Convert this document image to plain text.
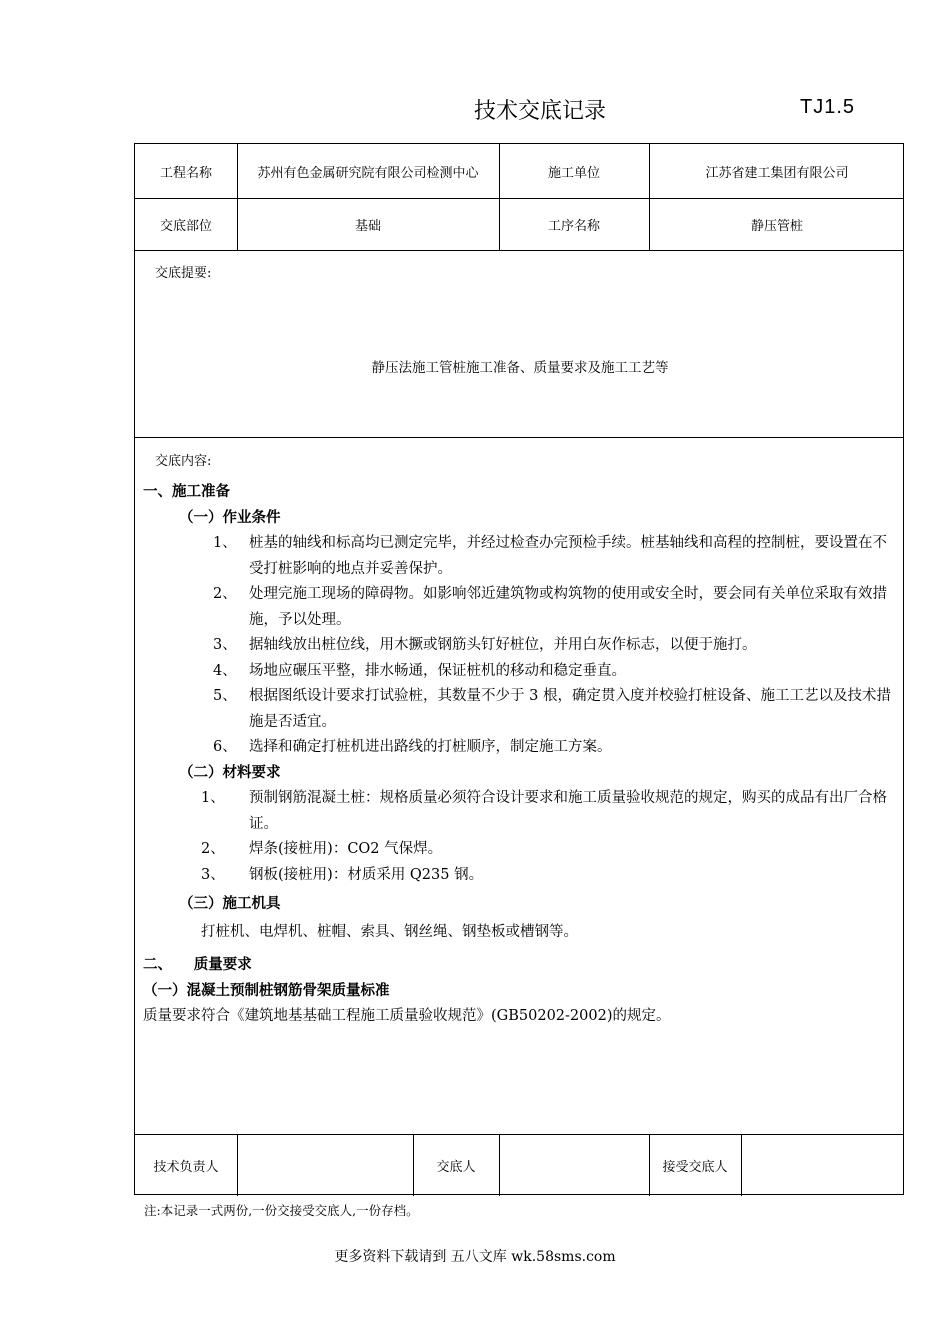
技术交底记录	TJ1.5
工程名称	苏州有色金属研究院有限公司检测中心	施工单位	江苏省建工集团有限公司
交底部位	基础	工序名称	静压管桩
交底提要:
静压法施工管桩施工准备、质量要求及施工工艺等
交底内容:
一、施工准备
（一）作业条件
1、 桩基的轴线和标高均已测定完毕，并经过检查办完预检手续。桩基轴线和高程的控制桩，要设置在不受打桩影响的地点并妥善保护。
2、 处理完施工现场的障碍物。如影响邻近建筑物或构筑物的使用或安全时，要会同有关单位采取有效措施，予以处理。
3、 据轴线放出桩位线，用木撅或钢筋头钉好桩位，并用白灰作标志，以便于施打。
4、 场地应碾压平整，排水畅通，保证桩机的移动和稳定垂直。
5、 根据图纸设计要求打试验桩，其数量不少于 3 根，确定贯入度并校验打桩设备、施工工艺以及技术措施是否适宜。
6、 选择和确定打桩机进出路线的打桩顺序，制定施工方案。
（二）材料要求
1、 预制钢筋混凝土桩：规格质量必须符合设计要求和施工质量验收规范的规定，购买的成品有出厂合格证。
2、 焊条(接桩用)：CO2 气保焊。
3、 钢板(接桩用)：材质采用 Q235 钢。
（三）施工机具
打桩机、电焊机、桩帽、索具、钢丝绳、钢垫板或槽钢等。
二、　　质量要求
（一）混凝土预制桩钢筋骨架质量标准
质量要求符合《建筑地基基础工程施工质量验收规范》(GB50202-2002)的规定。
技术负责人	交底人	接受交底人
注:本记录一式两份,一份交接受交底人,一份存档。
更多资料下载请到 五八文库 wk.58sms.com
